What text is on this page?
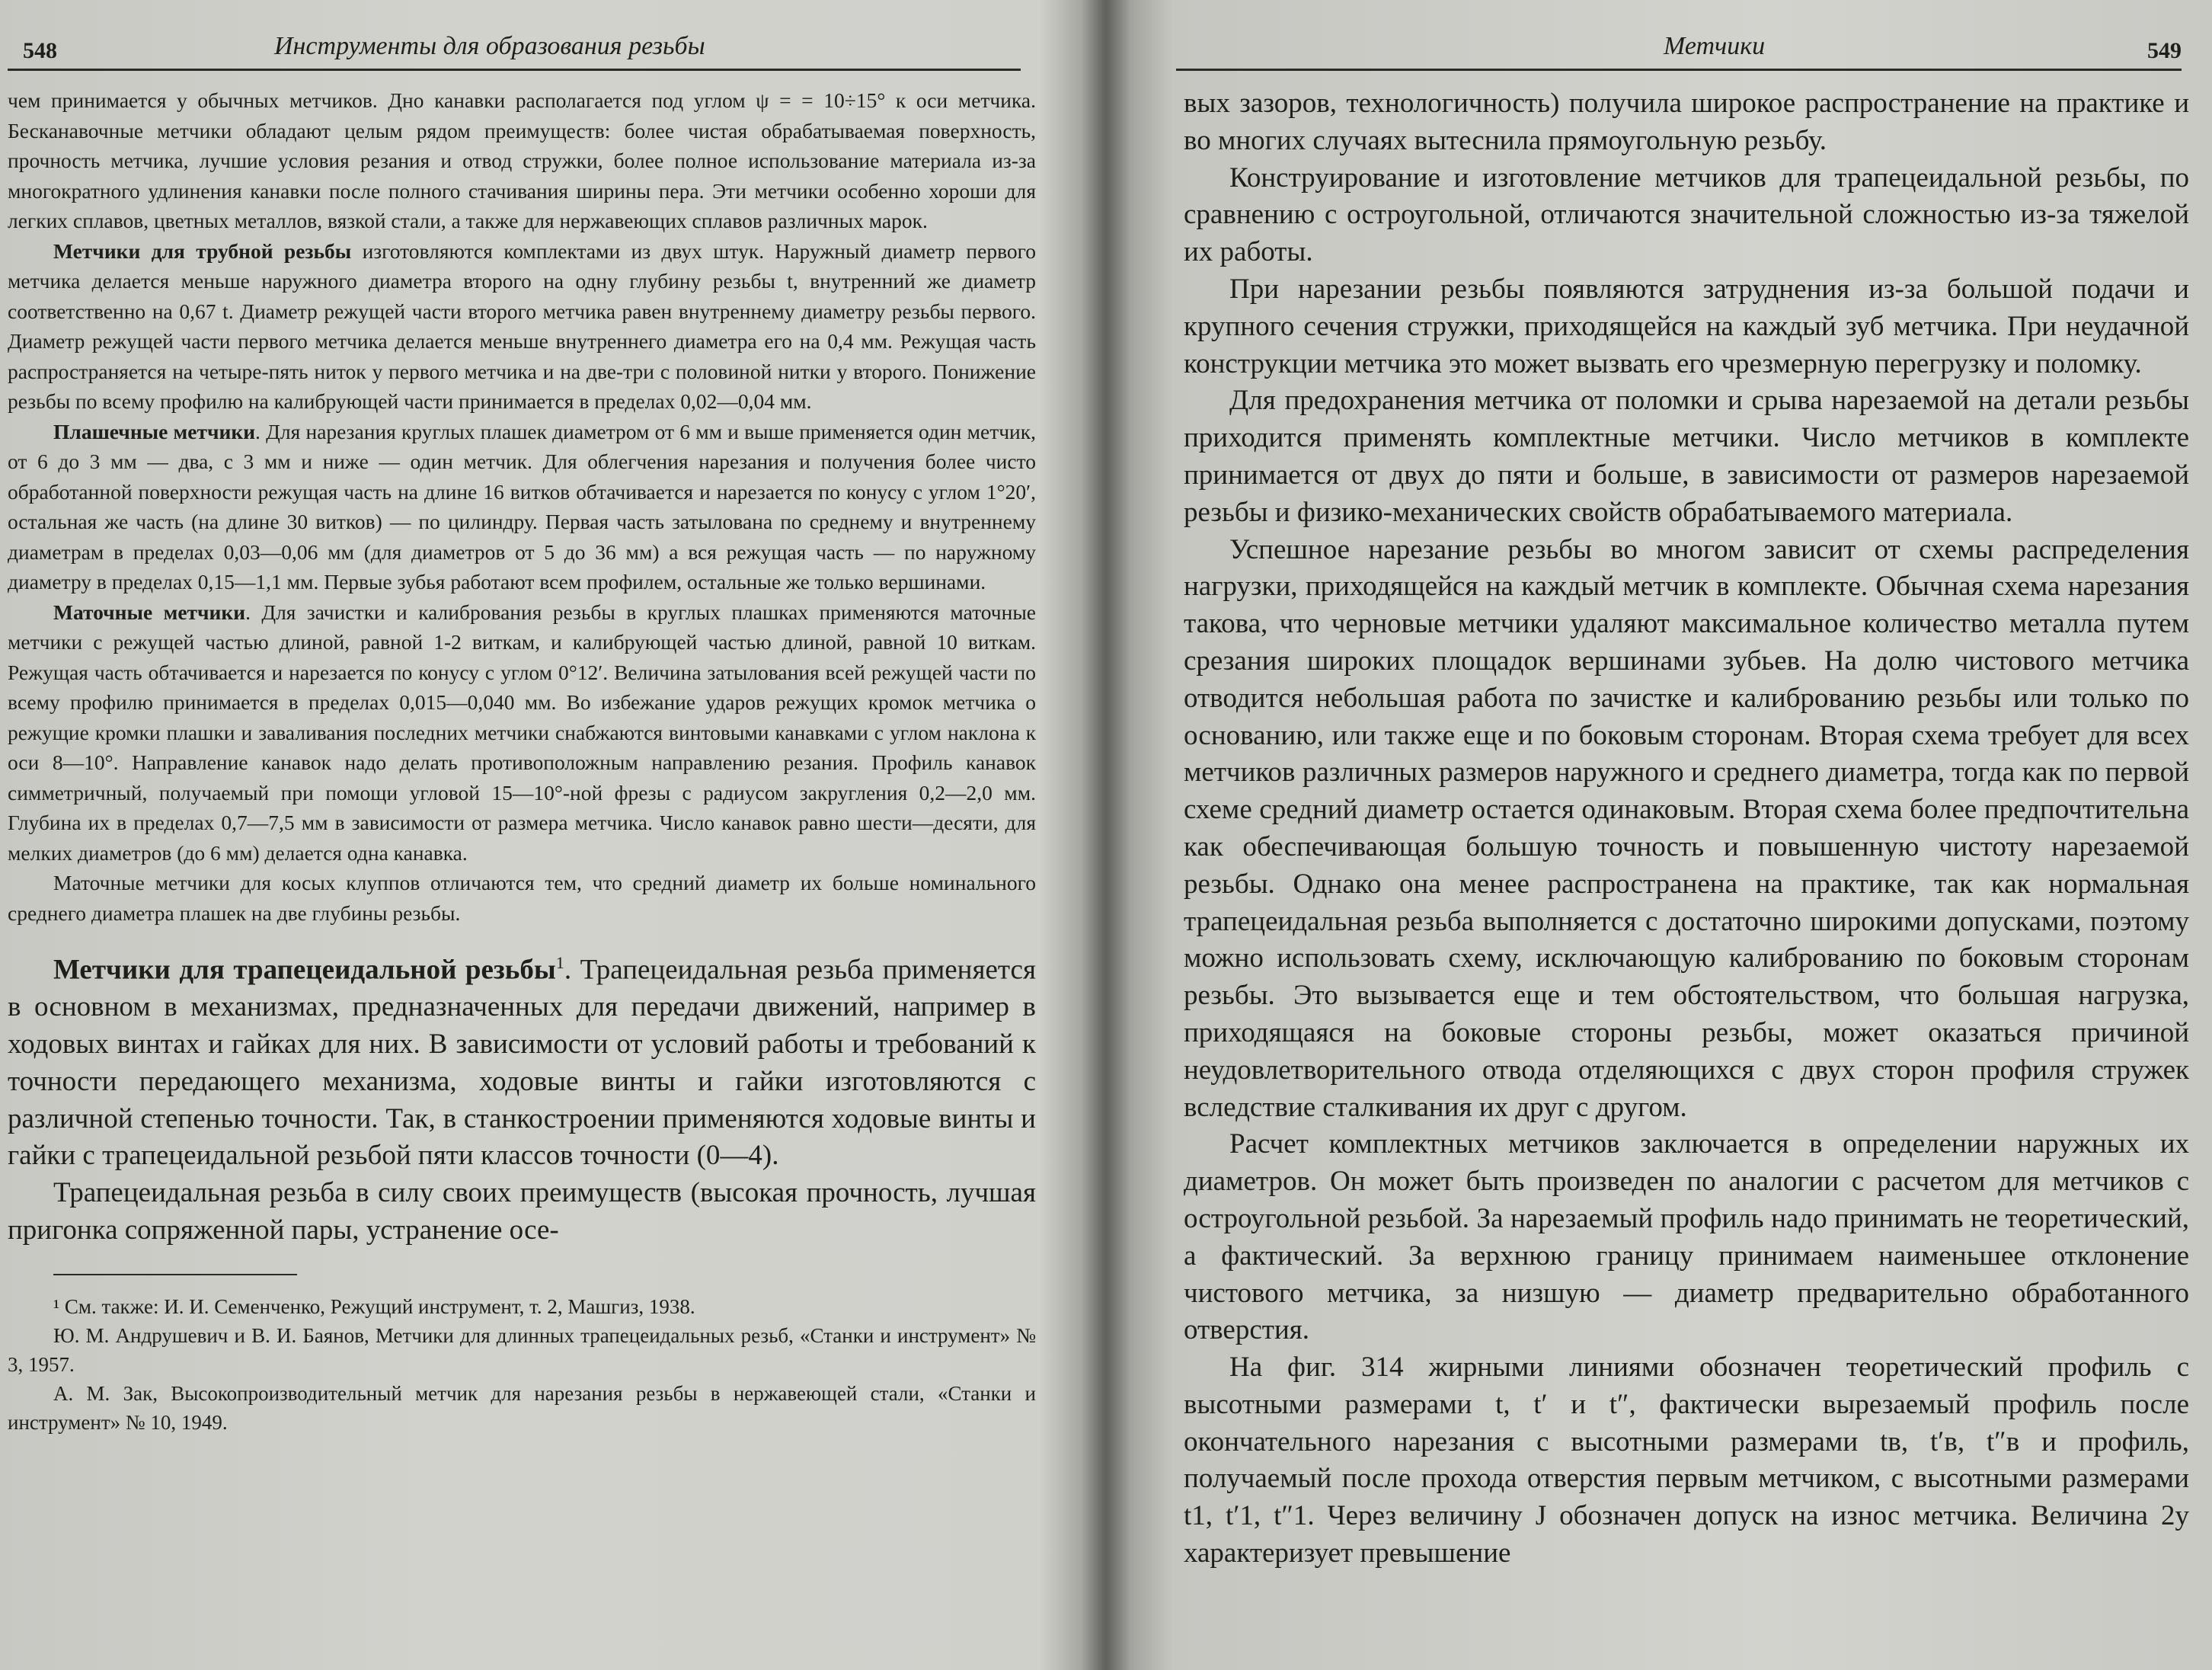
548	Инструменты для образования резьбы

чем принимается у обычных метчиков. Дно канавки располагается под углом ψ = = 10÷15° к оси метчика. Бесканавочные метчики обладают целым рядом преимуществ: более чистая обрабатываемая поверхность, прочность метчика, лучшие условия резания и отвод стружки, более полное использование материала из-за многократного удлинения канавки после полного стачивания ширины пера. Эти метчики особенно хороши для легких сплавов, цветных металлов, вязкой стали, а также для нержавеющих сплавов различных марок.

Метчики для трубной резьбы изготовляются комплектами из двух штук. Наружный диаметр первого метчика делается меньше наружного диаметра второго на одну глубину резьбы t, внутренний же диаметр соответственно на 0,67 t. Диаметр режущей части второго метчика равен внутреннему диаметру резьбы первого. Диаметр режущей части первого метчика делается меньше внутреннего диаметра его на 0,4 мм. Режущая часть распространяется на четыре-пять ниток у первого метчика и на две-три с половиной нитки у второго. Понижение резьбы по всему профилю на калибрующей части принимается в пределах 0,02—0,04 мм.

Плашечные метчики. Для нарезания круглых плашек диаметром от 6 мм и выше применяется один метчик, от 6 до 3 мм — два, с 3 мм и ниже — один метчик. Для облегчения нарезания и получения более чисто обработанной поверхности режущая часть на длине 16 витков обтачивается и нарезается по конусу с углом 1°20′, остальная же часть (на длине 30 витков) — по цилиндру. Первая часть затылована по среднему и внутреннему диаметрам в пределах 0,03—0,06 мм (для диаметров от 5 до 36 мм) а вся режущая часть — по наружному диаметру в пределах 0,15—1,1 мм. Первые зубья работают всем профилем, остальные же только вершинами.

Маточные метчики. Для зачистки и калибрования резьбы в круглых плашках применяются маточные метчики с режущей частью длиной, равной 1-2 виткам, и калибрующей частью длиной, равной 10 виткам. Режущая часть обтачивается и нарезается по конусу с углом 0°12′. Величина затылования всей режущей части по всему профилю принимается в пределах 0,015—0,040 мм. Во избежание ударов режущих кромок метчика о режущие кромки плашки и заваливания последних метчики снабжаются винтовыми канавками с углом наклона к оси 8—10°. Направление канавок надо делать противоположным направлению резания. Профиль канавок симметричный, получаемый при помощи угловой 15—10°-ной фрезы с радиусом закругления 0,2—2,0 мм. Глубина их в пределах 0,7—7,5 мм в зависимости от размера метчика. Число канавок равно шести—десяти, для мелких диаметров (до 6 мм) делается одна канавка.

Маточные метчики для косых клуппов отличаются тем, что средний диаметр их больше номинального среднего диаметра плашек на две глубины резьбы.

Метчики для трапецеидальной резьбы$^1$. Трапецеидальная резьба применяется в основном в механизмах, предназначенных для передачи движений, например в ходовых винтах и гайках для них. В зависимости от условий работы и требований к точности передающего механизма, ходовые винты и гайки изготовляются с различной степенью точности. Так, в станкостроении применяются ходовые винты и гайки с трапецеидальной резьбой пяти классов точности (0—4).

Трапецеидальная резьба в силу своих преимуществ (высокая прочность, лучшая пригонка сопряженной пары, устранение осе-

¹ См. также: И. И. Семенченко, Режущий инструмент, т. 2, Машгиз, 1938.

Ю. М. Андрушевич и В. И. Баянов, Метчики для длинных трапецеидальных резьб, «Станки и инструмент» № 3, 1957.

А. М. Зак, Высокопроизводительный метчик для нарезания резьбы в нержавеющей стали, «Станки и инструмент» № 10, 1949.

Метчики	549

вых зазоров, технологичность) получила широкое распространение на практике и во многих случаях вытеснила прямоугольную резьбу.

Конструирование и изготовление метчиков для трапецеидальной резьбы, по сравнению с остроугольной, отличаются значительной сложностью из-за тяжелой их работы.

При нарезании резьбы появляются затруднения из-за большой подачи и крупного сечения стружки, приходящейся на каждый зуб метчика. При неудачной конструкции метчика это может вызвать его чрезмерную перегрузку и поломку.

Для предохранения метчика от поломки и срыва нарезаемой на детали резьбы приходится применять комплектные метчики. Число метчиков в комплекте принимается от двух до пяти и больше, в зависимости от размеров нарезаемой резьбы и физико-механических свойств обрабатываемого материала.

Успешное нарезание резьбы во многом зависит от схемы распределения нагрузки, приходящейся на каждый метчик в комплекте. Обычная схема нарезания такова, что черновые метчики удаляют максимальное количество металла путем срезания широких площадок вершинами зубьев. На долю чистового метчика отводится небольшая работа по зачистке и калиброванию резьбы или только по основанию, или также еще и по боковым сторонам. Вторая схема требует для всех метчиков различных размеров наружного и среднего диаметра, тогда как по первой схеме средний диаметр остается одинаковым. Вторая схема более предпочтительна как обеспечивающая большую точность и повышенную чистоту нарезаемой резьбы. Однако она менее распространена на практике, так как нормальная трапецеидальная резьба выполняется с достаточно широкими допусками, поэтому можно использовать схему, исключающую калиброванию по боковым сторонам резьбы. Это вызывается еще и тем обстоятельством, что большая нагрузка, приходящаяся на боковые стороны резьбы, может оказаться причиной неудовлетворительного отвода отделяющихся с двух сторон профиля стружек вследствие сталкивания их друг с другом.

Расчет комплектных метчиков заключается в определении наружных их диаметров. Он может быть произведен по аналогии с расчетом для метчиков с остроугольной резьбой. За нарезаемый профиль надо принимать не теоретический, а фактический. За верхнюю границу принимаем наименьшее отклонение чистового метчика, за низшую — диаметр предварительно обработанного отверстия.

На фиг. 314 жирными линиями обозначен теоретический профиль с высотными размерами t, t′ и t″, фактически вырезаемый профиль после окончательного нарезания с высотными размерами tв, t′в, t″в и профиль, получаемый после прохода отверстия первым метчиком, с высотными размерами t1, t′1, t″1. Через величину J обозначен допуск на износ метчика. Величина 2y характеризует превышение
